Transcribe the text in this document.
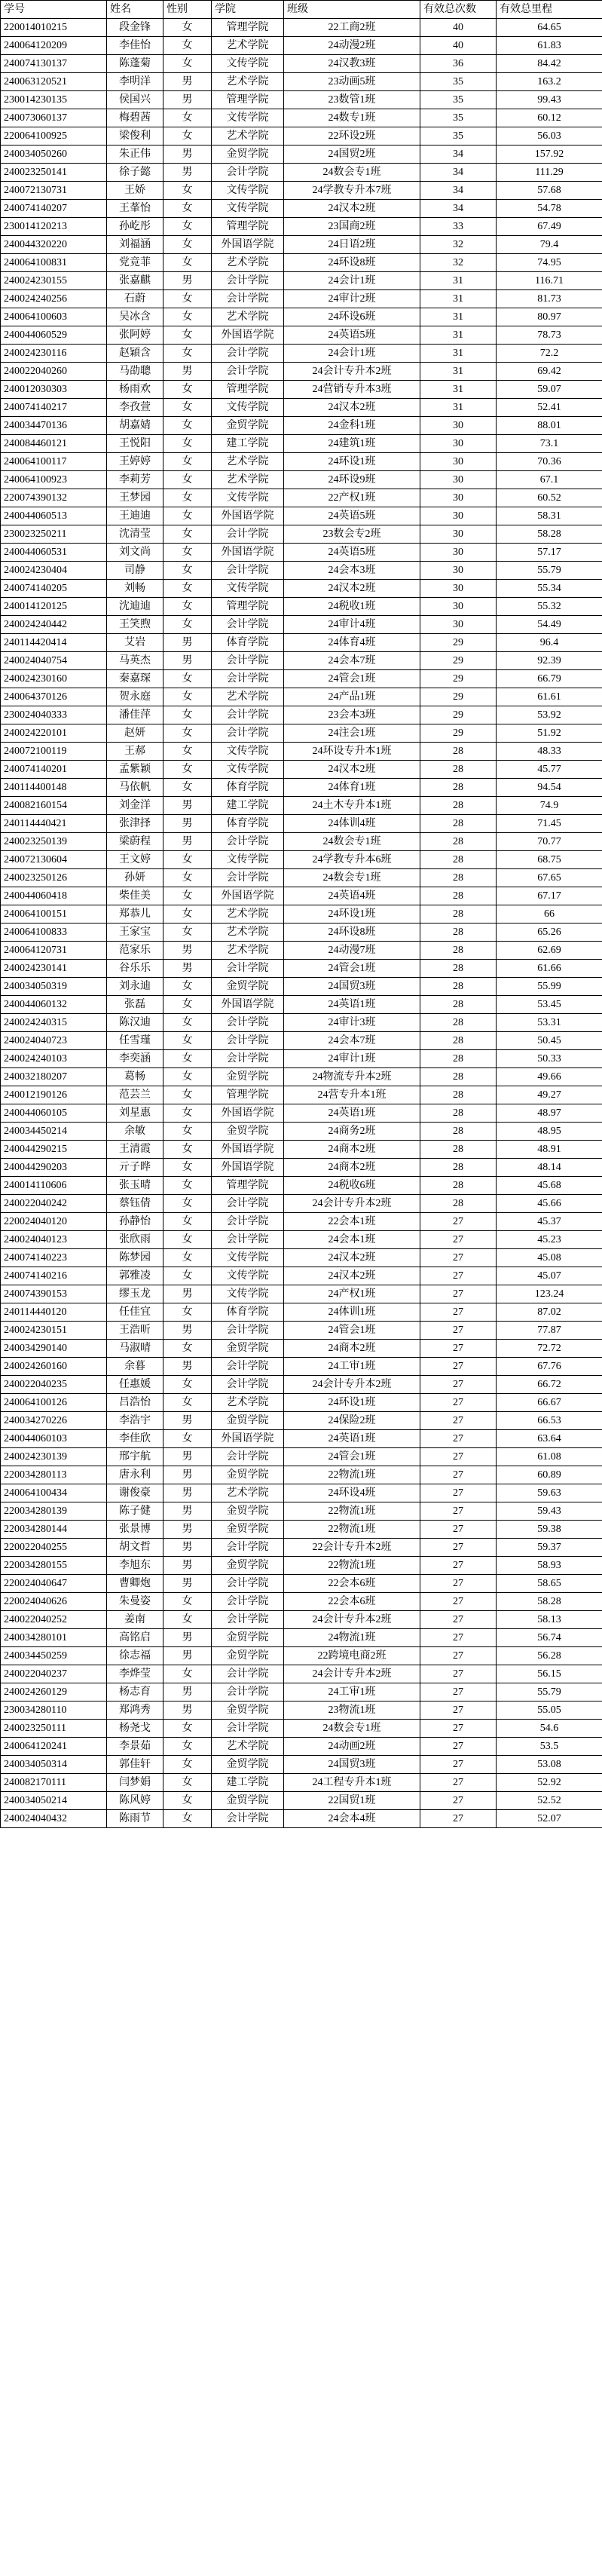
学号	姓名	性别	学院	班级	有效总次数	有效总里程
220014010215	段金锋	女	管理学院	22工商2班	40	64.65
240064120209	李佳怡	女	艺术学院	24动漫2班	40	61.83
240074130137	陈蓬菊	女	文传学院	24汉教3班	36	84.42
240063120521	李明洋	男	艺术学院	23动画5班	35	163.2
230014230135	侯国兴	男	管理学院	23数管1班	35	99.43
240073060137	梅碧茜	女	文传学院	24数专1班	35	60.12
220064100925	梁俊利	女	艺术学院	22环设2班	35	56.03
240034050260	朱正伟	男	金贸学院	24国贸2班	34	157.92
240023250141	徐子懿	男	会计学院	24数会专1班	34	111.29
240072130731	王娇	女	文传学院	24学教专升本7班	34	57.68
240074140207	王莑怡	女	文传学院	24汉本2班	34	54.78
230014120213	孙屹彤	女	管理学院	23国商2班	33	67.49
240044320220	刘福涵	女	外国语学院	24日语2班	32	79.4
240064100831	党竞菲	女	艺术学院	24环设8班	32	74.95
240024230155	张嘉麒	男	会计学院	24会计1班	31	116.71
240024240256	石蔚	女	会计学院	24审计2班	31	81.73
240064100603	吴冰含	女	艺术学院	24环设6班	31	80.97
240044060529	张阿婷	女	外国语学院	24英语5班	31	78.73
240024230116	赵穎含	女	会计学院	24会计1班	31	72.2
240022040260	马劭聰	男	会计学院	24会计专升本2班	31	69.42
240012030303	杨雨欢	女	管理学院	24营销专升本3班	31	59.07
240074140217	李孜萱	女	文传学院	24汉本2班	31	52.41
240034470136	胡嘉婧	女	金贸学院	24金科1班	30	88.01
240084460121	王悦阳	女	建工学院	24建筑1班	30	73.1
240064100117	王婷婷	女	艺术学院	24环设1班	30	70.36
240064100923	李莉芳	女	艺术学院	24环设9班	30	67.1
220074390132	王梦园	女	文传学院	22产权1班	30	60.52
240044060513	王迪迪	女	外国语学院	24英语5班	30	58.31
230023250211	沈清莹	女	会计学院	23数会专2班	30	58.28
240044060531	刘文尚	女	外国语学院	24英语5班	30	57.17
240024230404	司静	女	会计学院	24会本3班	30	55.79
240074140205	刘畅	女	文传学院	24汉本2班	30	55.34
240014120125	沈迪迪	女	管理学院	24税收1班	30	55.32
240024240442	王笑煦	女	会计学院	24审计4班	30	54.49
240114420414	艾岩	男	体育学院	24体育4班	29	96.4
240024040754	马英杰	男	会计学院	24会本7班	29	92.39
240024230160	秦嘉琛	女	会计学院	24管会1班	29	66.79
240064370126	贺永庭	女	艺术学院	24产品1班	29	61.61
230024040333	潘佳萍	女	会计学院	23会本3班	29	53.92
240024220101	赵妍	女	会计学院	24注会1班	29	51.92
240072100119	王郝	女	文传学院	24环设专升本1班	28	48.33
240074140201	孟紫颖	女	文传学院	24汉本2班	28	45.77
240114400148	马依帆	女	体育学院	24体育1班	28	94.54
240082160154	刘金洋	男	建工学院	24土木专升本1班	28	74.9
240114440421	张津择	男	体育学院	24体训4班	28	71.45
240023250139	梁蔚程	男	会计学院	24数会专1班	28	70.77
240072130604	王文婷	女	文传学院	24学教专升本6班	28	68.75
240023250126	孙妍	女	会计学院	24数会专1班	28	67.65
240044060418	柴佳美	女	外国语学院	24英语4班	28	67.17
240064100151	郑恭儿	女	艺术学院	24环设1班	28	66
240064100833	王家宝	女	艺术学院	24环设8班	28	65.26
240064120731	范家乐	男	艺术学院	24动漫7班	28	62.69
240024230141	谷乐乐	男	会计学院	24管会1班	28	61.66
240034050319	刘永迪	女	金贸学院	24国贸3班	28	55.99
240044060132	张磊	女	外国语学院	24英语1班	28	53.45
240024240315	陈汉迪	女	会计学院	24审计3班	28	53.31
240024040723	任雪瑾	女	会计学院	24会本7班	28	50.45
240024240103	李奕涵	女	会计学院	24审计1班	28	50.33
240032180207	葛畅	女	金贸学院	24物流专升本2班	28	49.66
240012190126	范芸兰	女	管理学院	24营专升本1班	28	49.27
240044060105	刘星惠	女	外国语学院	24英语1班	28	48.97
240034450214	余敏	女	金贸学院	24商务2班	28	48.95
240044290215	王清霞	女	外国语学院	24商本2班	28	48.91
240044290203	亓子晔	女	外国语学院	24商本2班	28	48.14
240014110606	张玉晴	女	管理学院	24税收6班	28	45.68
240022040242	蔡钰倩	女	会计学院	24会计专升本2班	28	45.66
220024040120	孙静怡	女	会计学院	22会本1班	27	45.37
240024040123	张欣雨	女	会计学院	24会本1班	27	45.23
240074140223	陈梦园	女	文传学院	24汉本2班	27	45.08
240074140216	郭雅凌	女	文传学院	24汉本2班	27	45.07
240074390153	缪玉龙	男	文传学院	24产权1班	27	123.24
240114440120	任佳宜	女	体育学院	24体训1班	27	87.02
240024230151	王浩昕	男	会计学院	24管会1班	27	77.87
240034290140	马淑晴	女	金贸学院	24商本2班	27	72.72
240024260160	余暮	男	会计学院	24工审1班	27	67.76
240022040235	任惠媛	女	会计学院	24会计专升本2班	27	66.72
240064100126	吕浩怡	女	艺术学院	24环设1班	27	66.67
240034270226	李浩宇	男	金贸学院	24保险2班	27	66.53
240044060103	李佳欣	女	外国语学院	24英语1班	27	63.64
240024230139	邢宇航	男	会计学院	24管会1班	27	61.08
220034280113	唐永利	男	金贸学院	22物流1班	27	60.89
240064100434	谢俊豪	男	艺术学院	24环设4班	27	59.63
220034280139	陈子健	男	金贸学院	22物流1班	27	59.43
220034280144	张景博	男	金贸学院	22物流1班	27	59.38
220022040255	胡文哲	男	会计学院	22会计专升本2班	27	59.37
220034280155	李旭东	男	金贸学院	22物流1班	27	58.93
220024040647	曹卿炮	男	会计学院	22会本6班	27	58.65
220024040626	朱曼姿	女	会计学院	22会本6班	27	58.28
240022040252	姜南	女	会计学院	24会计专升本2班	27	58.13
240034280101	高铭启	男	金贸学院	24物流1班	27	56.74
240034450259	徐志福	男	金贸学院	22跨境电商2班	27	56.28
240022040237	李烨莹	女	会计学院	24会计专升本2班	27	56.15
240024260129	杨志育	男	会计学院	24工审1班	27	55.79
230034280110	郑鸿秀	男	金贸学院	23物流1班	27	55.05
240023250111	杨尧戈	女	会计学院	24数会专1班	27	54.6
240064120241	李景茹	女	艺术学院	24动画2班	27	53.5
240034050314	郭佳轩	女	金贸学院	24国贸3班	27	53.08
240082170111	闫梦娟	女	建工学院	24工程专升本1班	27	52.92
240034050214	陈风婷	女	金贸学院	22国贸1班	27	52.52
240024040432	陈雨节	女	会计学院	24会本4班	27	52.07
